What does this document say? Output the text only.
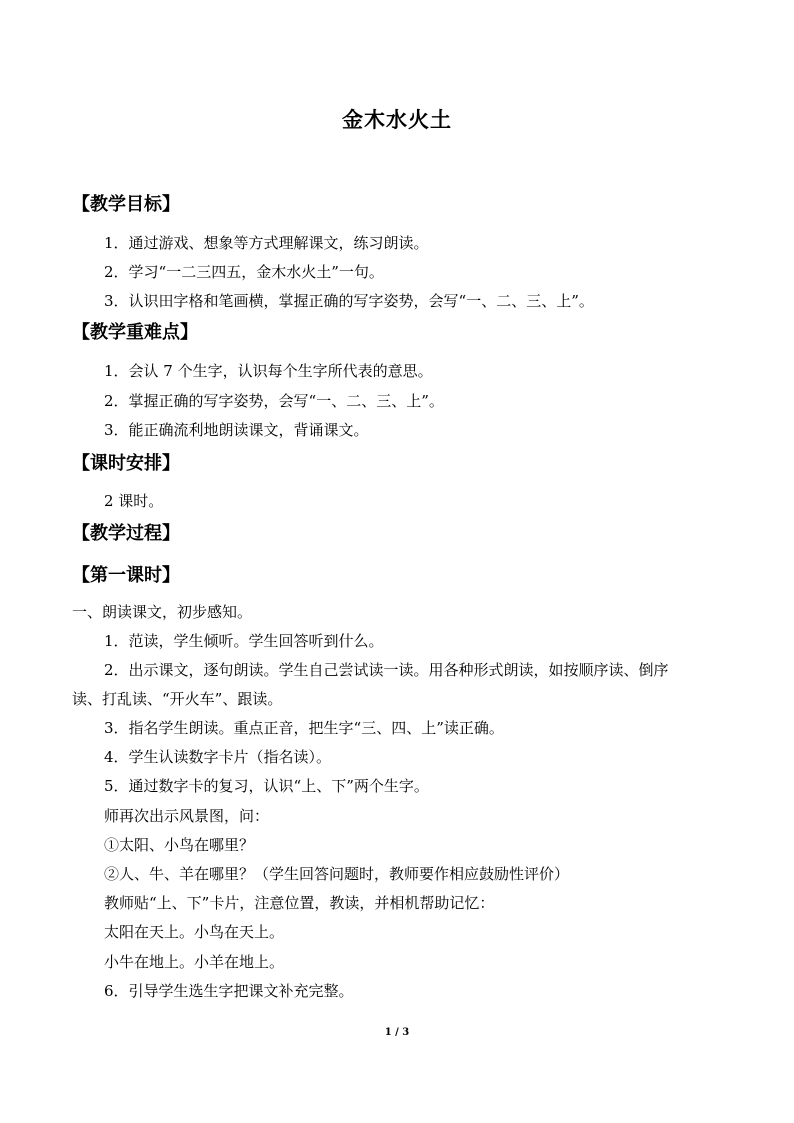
金木水火土
【教学目标】
1．通过游戏、想象等方式理解课文，练习朗读。
2．学习“一二三四五，金木水火土”一句。
3．认识田字格和笔画横，掌握正确的写字姿势，会写“一、二、三、上”。
【教学重难点】
1．会认 7 个生字，认识每个生字所代表的意思。
2．掌握正确的写字姿势，会写“一、二、三、上”。
3．能正确流利地朗读课文，背诵课文。
【课时安排】
2 课时。
【教学过程】
【第一课时】
一、朗读课文，初步感知。
1．范读，学生倾听。学生回答听到什么。
2．出示课文，逐句朗读。学生自己尝试读一读。用各种形式朗读，如按顺序读、倒序
读、打乱读、“开火车”、跟读。
3．指名学生朗读。重点正音，把生字“三、四、上”读正确。
4．学生认读数字卡片（指名读）。
5．通过数字卡的复习，认识“上、下”两个生字。
师再次出示风景图，问：
①太阳、小鸟在哪里？
②人、牛、羊在哪里？（学生回答问题时，教师要作相应鼓励性评价）
教师贴“上、下”卡片，注意位置，教读，并相机帮助记忆：
太阳在天上。小鸟在天上。
小牛在地上。小羊在地上。
6．引导学生选生字把课文补充完整。
1 / 3
